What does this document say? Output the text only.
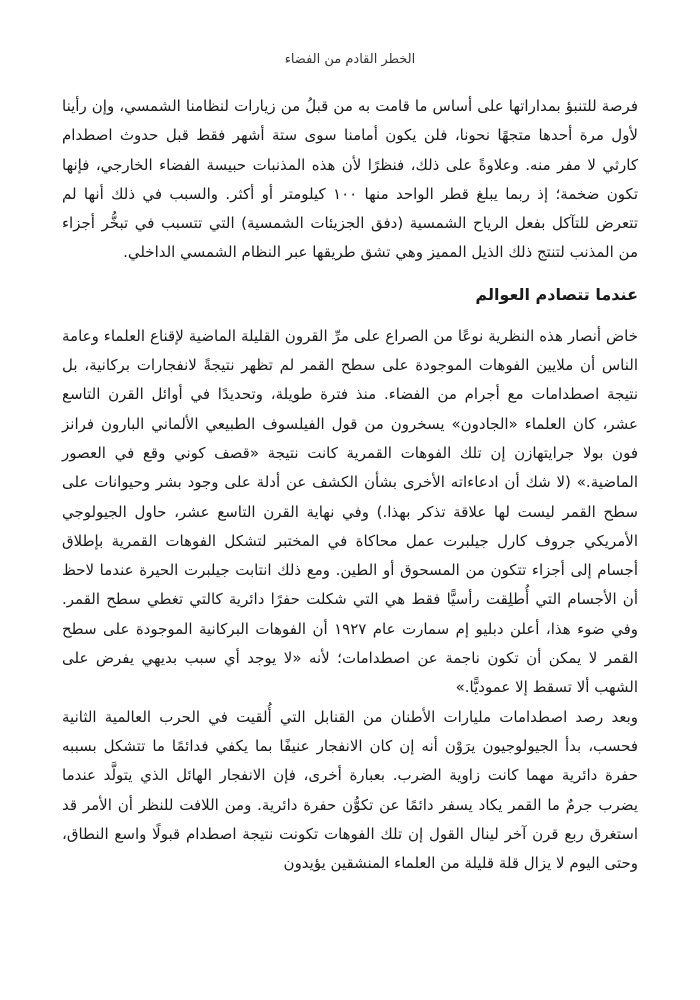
الخطر القادم من الفضاء

فرصة للتنبؤ بمداراتها على أساس ما قامت به من قبلُ من زيارات لنظامنا الشمسي، وإن رأينا لأول مرة أحدها متجهًا نحونا، فلن يكون أمامنا سوى ستة أشهر فقط قبل حدوث اصطدام كارثي لا مفر منه. وعلاوةً على ذلك، فنظرًا لأن هذه المذنبات حبيسة الفضاء الخارجي، فإنها تكون ضخمة؛ إذ ربما يبلغ قطر الواحد منها ١٠٠ كيلومتر أو أكثر. والسبب في ذلك أنها لم تتعرض للتآكل بفعل الرياح الشمسية (دفق الجزيئات الشمسية) التي تتسبب في تبخُّر أجزاء من المذنب لتنتج ذلك الذيل المميز وهي تشق طريقها عبر النظام الشمسي الداخلي.

عندما تتصادم العوالم

خاض أنصار هذه النظرية نوعًا من الصراع على مرِّ القرون القليلة الماضية لإقناع العلماء وعامة الناس أن ملايين الفوهات الموجودة على سطح القمر لم تظهر نتيجةً لانفجارات بركانية، بل نتيجة اصطدامات مع أجرام من الفضاء. منذ فترة طويلة، وتحديدًا في أوائل القرن التاسع عشر، كان العلماء «الجادون» يسخرون من قول الفيلسوف الطبيعي الألماني البارون فرانز فون بولا جرايتهازن إن تلك الفوهات القمرية كانت نتيجة «قصف كوني وقع في العصور الماضية.» (لا شك أن ادعاءاته الأخرى بشأن الكشف عن أدلة على وجود بشر وحيوانات على سطح القمر ليست لها علاقة تذكر بهذا.) وفي نهاية القرن التاسع عشر، حاول الجيولوجي الأمريكي جروف كارل جيلبرت عمل محاكاة في المختبر لتشكل الفوهات القمرية بإطلاق أجسام إلى أجزاء تتكون من المسحوق أو الطين. ومع ذلك انتابت جيلبرت الحيرة عندما لاحظ أن الأجسام التي أُطلِقت رأسيًّا فقط هي التي شكلت حفرًا دائرية كالتي تغطي سطح القمر. وفي ضوء هذا، أعلن دبليو إم سمارت عام ١٩٢٧ أن الفوهات البركانية الموجودة على سطح القمر لا يمكن أن تكون ناجمة عن اصطدامات؛ لأنه «لا يوجد أي سبب بديهي يفرض على الشهب ألا تسقط إلا عموديًّا.»

وبعد رصد اصطدامات مليارات الأطنان من القنابل التي أُلقيت في الحرب العالمية الثانية فحسب، بدأ الجيولوجيون يرَوْن أنه إن كان الانفجار عنيفًا بما يكفي فدائمًا ما تتشكل بسببه حفرة دائرية مهما كانت زاوية الضرب. بعبارة أخرى، فإن الانفجار الهائل الذي يتولَّد عندما يضرب جرمٌ ما القمر يكاد يسفر دائمًا عن تكوُّن حفرة دائرية. ومن اللافت للنظر أن الأمر قد استغرق ربع قرن آخر لينال القول إن تلك الفوهات تكونت نتيجة اصطدام قبولًا واسع النطاق، وحتى اليوم لا يزال قلة قليلة من العلماء المنشقين يؤيدون
